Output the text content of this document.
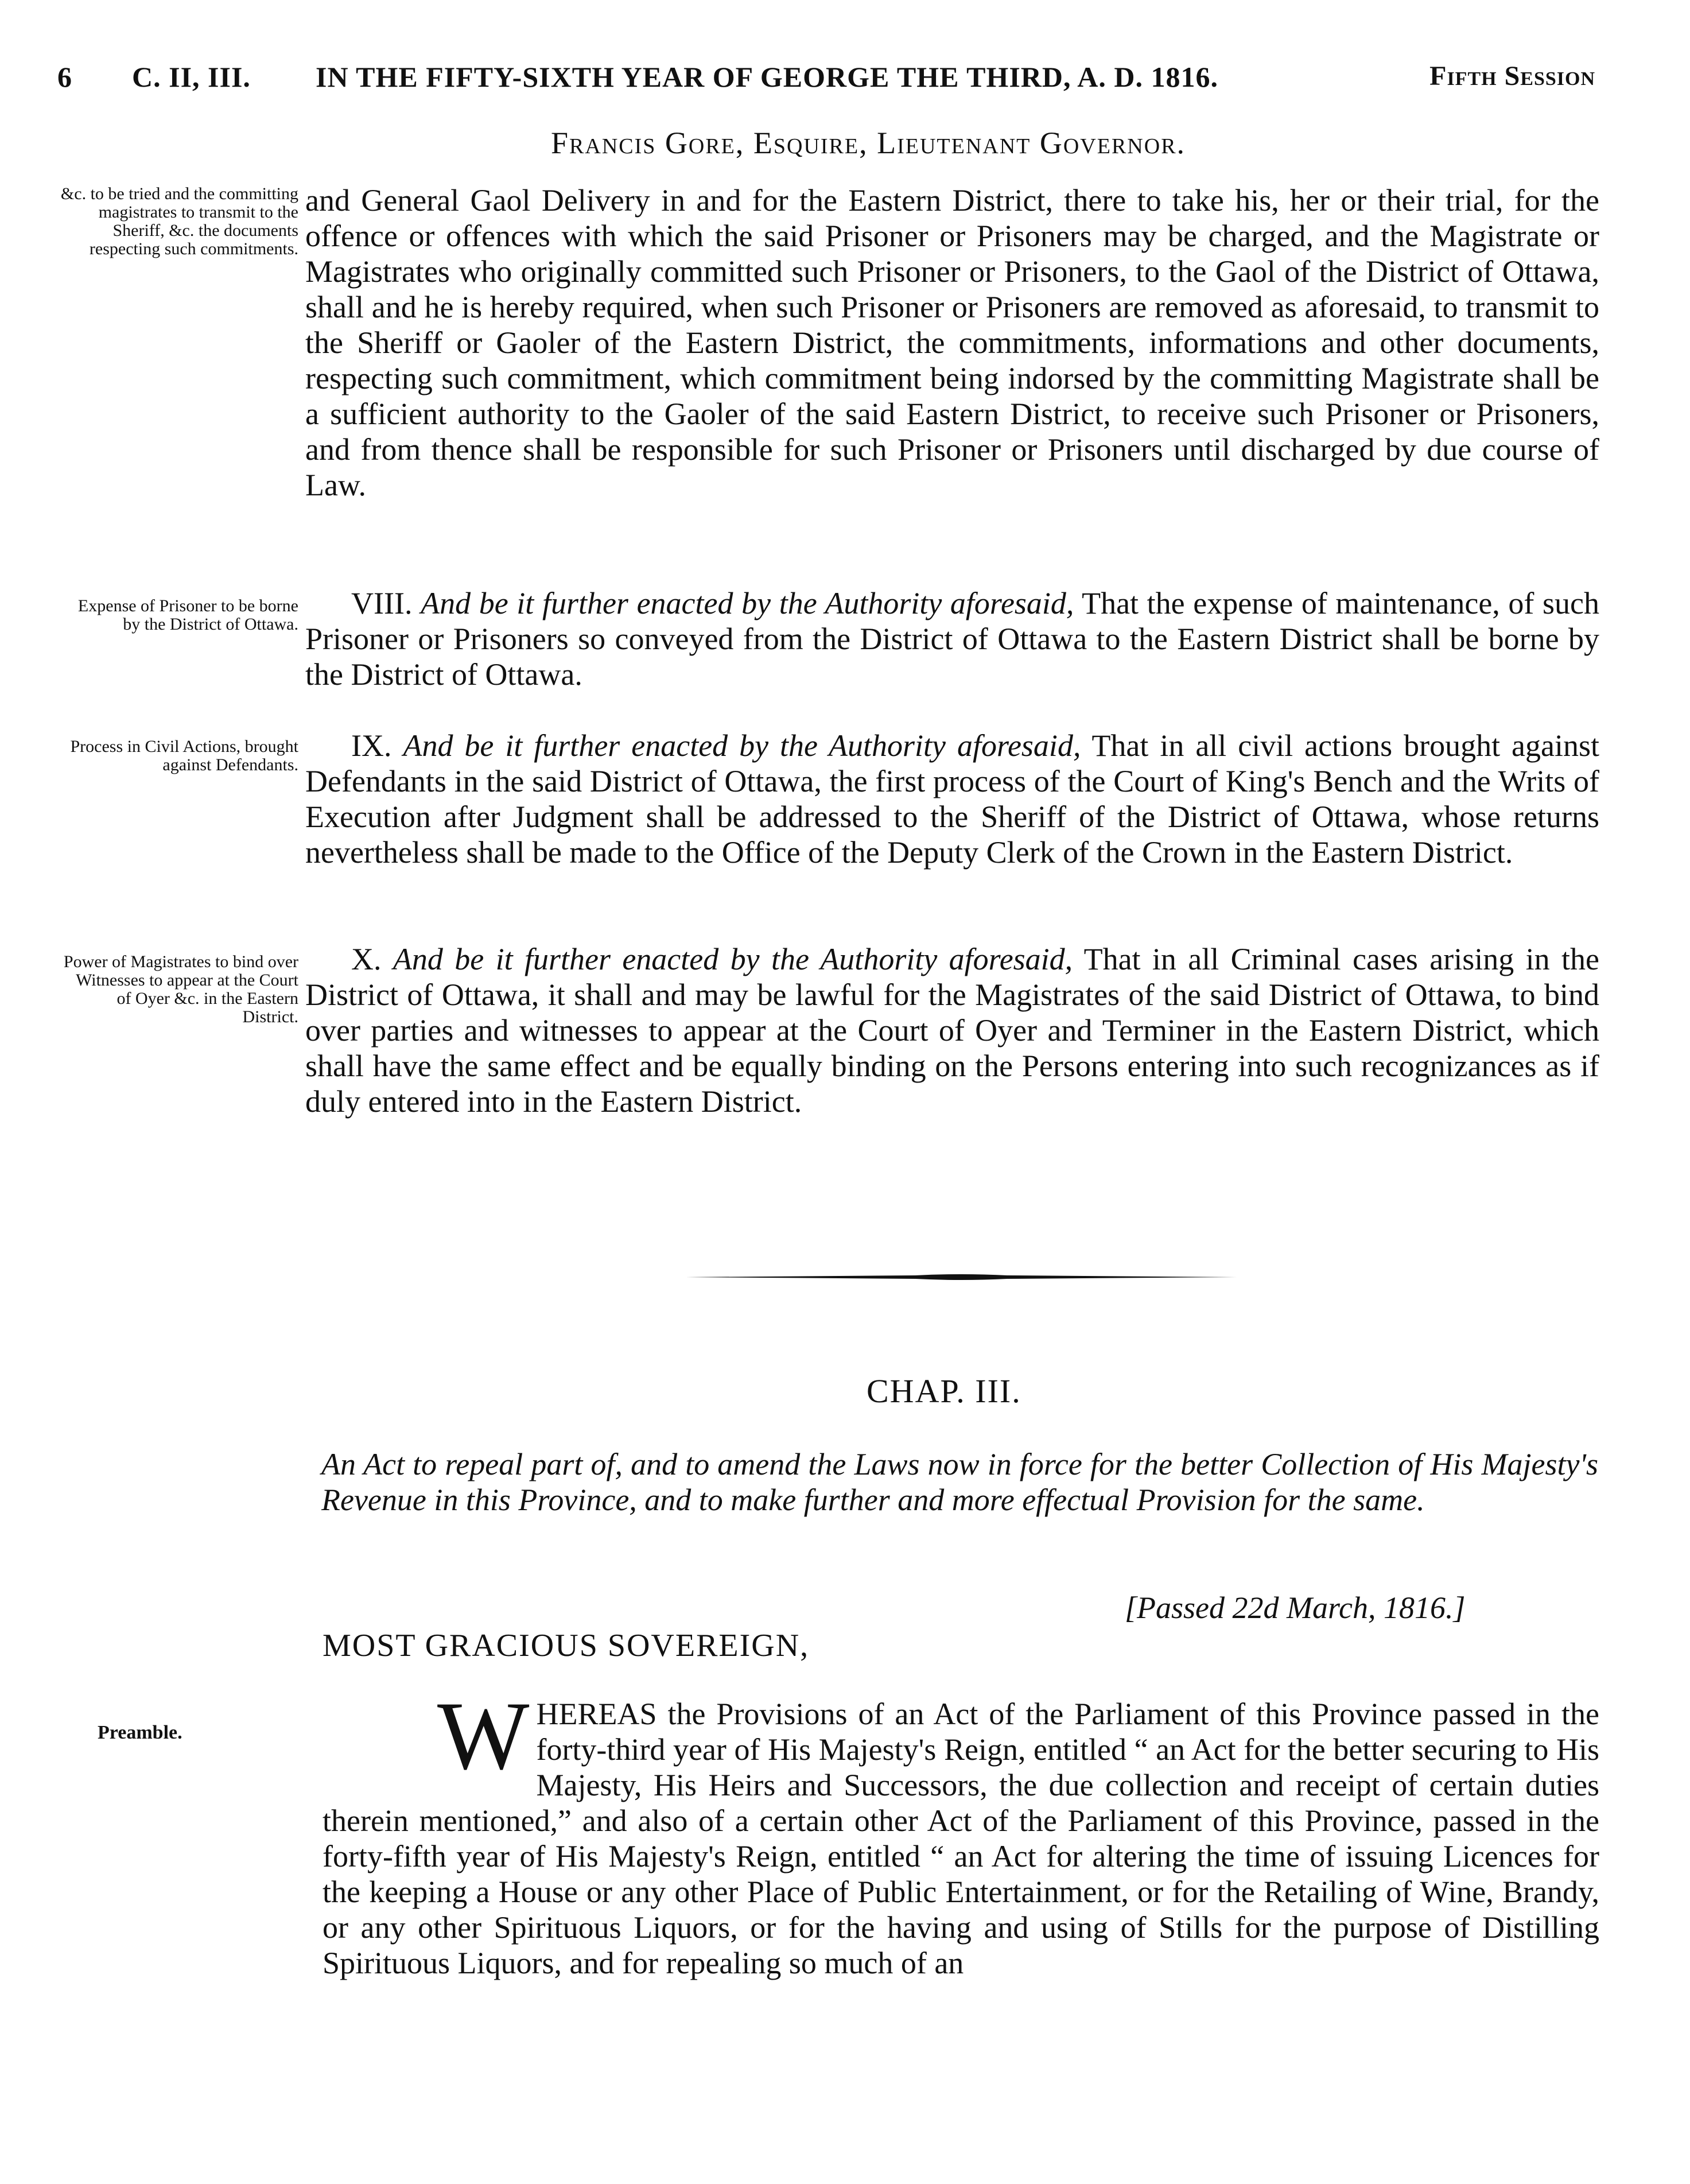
6 C. II, III. IN THE FIFTY-SIXTH YEAR OF GEORGE THE THIRD, A. D. 1816.	Fifth Session
Francis Gore, Esquire, Lieutenant Governor.
&c. to be tried and the committing magistrates to transmit to the Sheriff, &c. the documents respecting such commitments.

and General Gaol Delivery in and for the Eastern District, there to take his, her or their trial, for the offence or offences with which the said Prisoner or Prisoners may be charged, and the Magistrate or Magistrates who originally committed such Prisoner or Prisoners, to the Gaol of the District of Ottawa, shall and he is hereby required, when such Prisoner or Prisoners are removed as aforesaid, to transmit to the Sheriff or Gaoler of the Eastern District, the commitments, informations and other documents, respecting such commitment, which commitment being indorsed by the committing Magistrate shall be a sufficient authority to the Gaoler of the said Eastern District, to receive such Prisoner or Prisoners, and from thence shall be responsible for such Prisoner or Prisoners until discharged by due course of Law.

Expense of Prisoner to be borne by the District of Ottawa.

VIII. And be it further enacted by the Authority aforesaid, That the expense of maintenance, of such Prisoner or Prisoners so conveyed from the District of Ottawa to the Eastern District shall be borne by the District of Ottawa.

Process in Civil Actions, brought against Defendants.

IX. And be it further enacted by the Authority aforesaid, That in all civil actions brought against Defendants in the said District of Ottawa, the first process of the Court of King's Bench and the Writs of Execution after Judgment shall be addressed to the Sheriff of the District of Ottawa, whose returns nevertheless shall be made to the Office of the Deputy Clerk of the Crown in the Eastern District.

Power of Magistrates to bind over Witnesses to appear at the Court of Oyer &c. in the Eastern District.

X. And be it further enacted by the Authority aforesaid, That in all Criminal cases arising in the District of Ottawa, it shall and may be lawful for the Magistrates of the said District of Ottawa, to bind over parties and witnesses to appear at the Court of Oyer and Terminer in the Eastern District, which shall have the same effect and be equally binding on the Persons entering into such recognizances as if duly entered into in the Eastern District.

CHAP. III.
An Act to repeal part of, and to amend the Laws now in force for the better Collection of His Majesty's Revenue in this Province, and to make further and more effectual Provision for the same.
[Passed 22d March, 1816.]
MOST GRACIOUS SOVEREIGN,
Preamble.	W HEREAS the Provisions of an Act of the Parliament of this Province passed in the forty-third year of His Majesty's Reign, entitled “ an Act for the better securing to His Majesty, His Heirs and Successors, the due collection and receipt of certain duties therein mentioned,” and also of a certain other Act of the Parliament of this Province, passed in the forty-fifth year of His Majesty's Reign, entitled “ an Act for altering the time of issuing Licences for the keeping a House or any other Place of Public Entertainment, or for the Retailing of Wine, Brandy, or any other Spirituous Liquors, or for the having and using of Stills for the purpose of Distilling Spirituous Liquors, and for repealing so much of an
